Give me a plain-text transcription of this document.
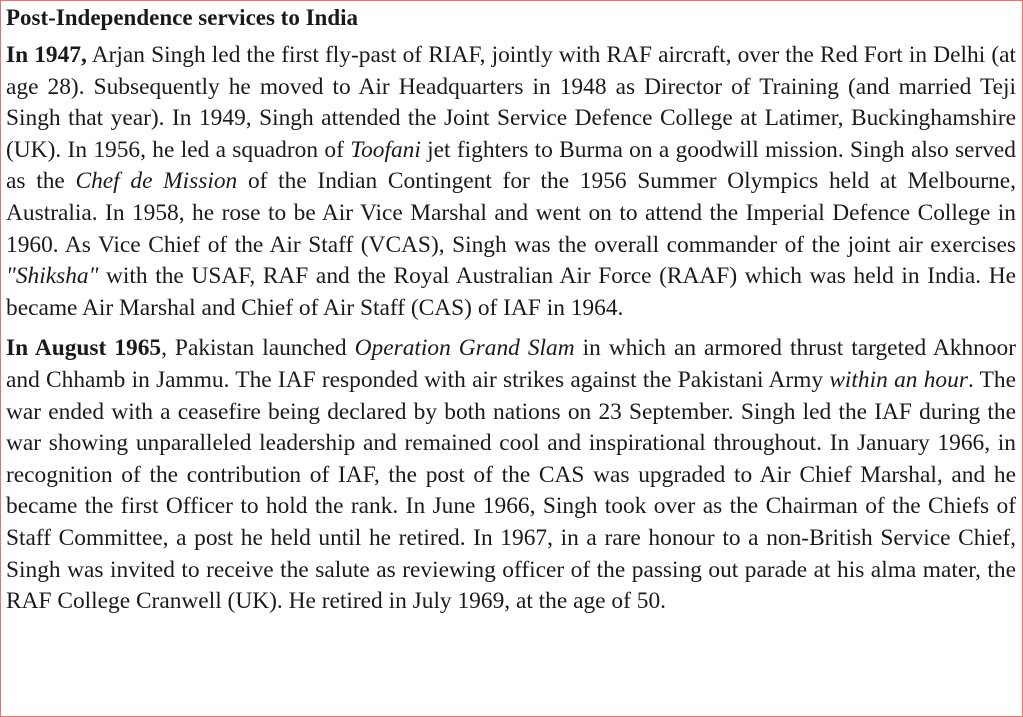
Post-Independence services to India

In 1947, Arjan Singh led the first fly-past of RIAF, jointly with RAF aircraft, over the Red Fort in Delhi (at age 28). Subsequently he moved to Air Headquarters in 1948 as Director of Training (and married Teji Singh that year). In 1949, Singh attended the Joint Service Defence College at Latimer, Buckinghamshire (UK). In 1956, he led a squadron of Toofani jet fighters to Burma on a goodwill mission. Singh also served as the Chef de Mission of the Indian Contingent for the 1956 Summer Olympics held at Melbourne, Australia. In 1958, he rose to be Air Vice Marshal and went on to attend the Imperial Defence College in 1960. As Vice Chief of the Air Staff (VCAS), Singh was the overall commander of the joint air exercises "Shiksha" with the USAF, RAF and the Royal Australian Air Force (RAAF) which was held in India. He became Air Marshal and Chief of Air Staff (CAS) of IAF in 1964.

In August 1965, Pakistan launched Operation Grand Slam in which an armored thrust targeted Akhnoor and Chhamb in Jammu. The IAF responded with air strikes against the Pakistani Army within an hour. The war ended with a ceasefire being declared by both nations on 23 September. Singh led the IAF during the war showing unparalleled leadership and remained cool and inspirational throughout. In January 1966, in recognition of the contribution of IAF, the post of the CAS was upgraded to Air Chief Marshal, and he became the first Officer to hold the rank. In June 1966, Singh took over as the Chairman of the Chiefs of Staff Committee, a post he held until he retired. In 1967, in a rare honour to a non-British Service Chief, Singh was invited to receive the salute as reviewing officer of the passing out parade at his alma mater, the RAF College Cranwell (UK). He retired in July 1969, at the age of 50.
